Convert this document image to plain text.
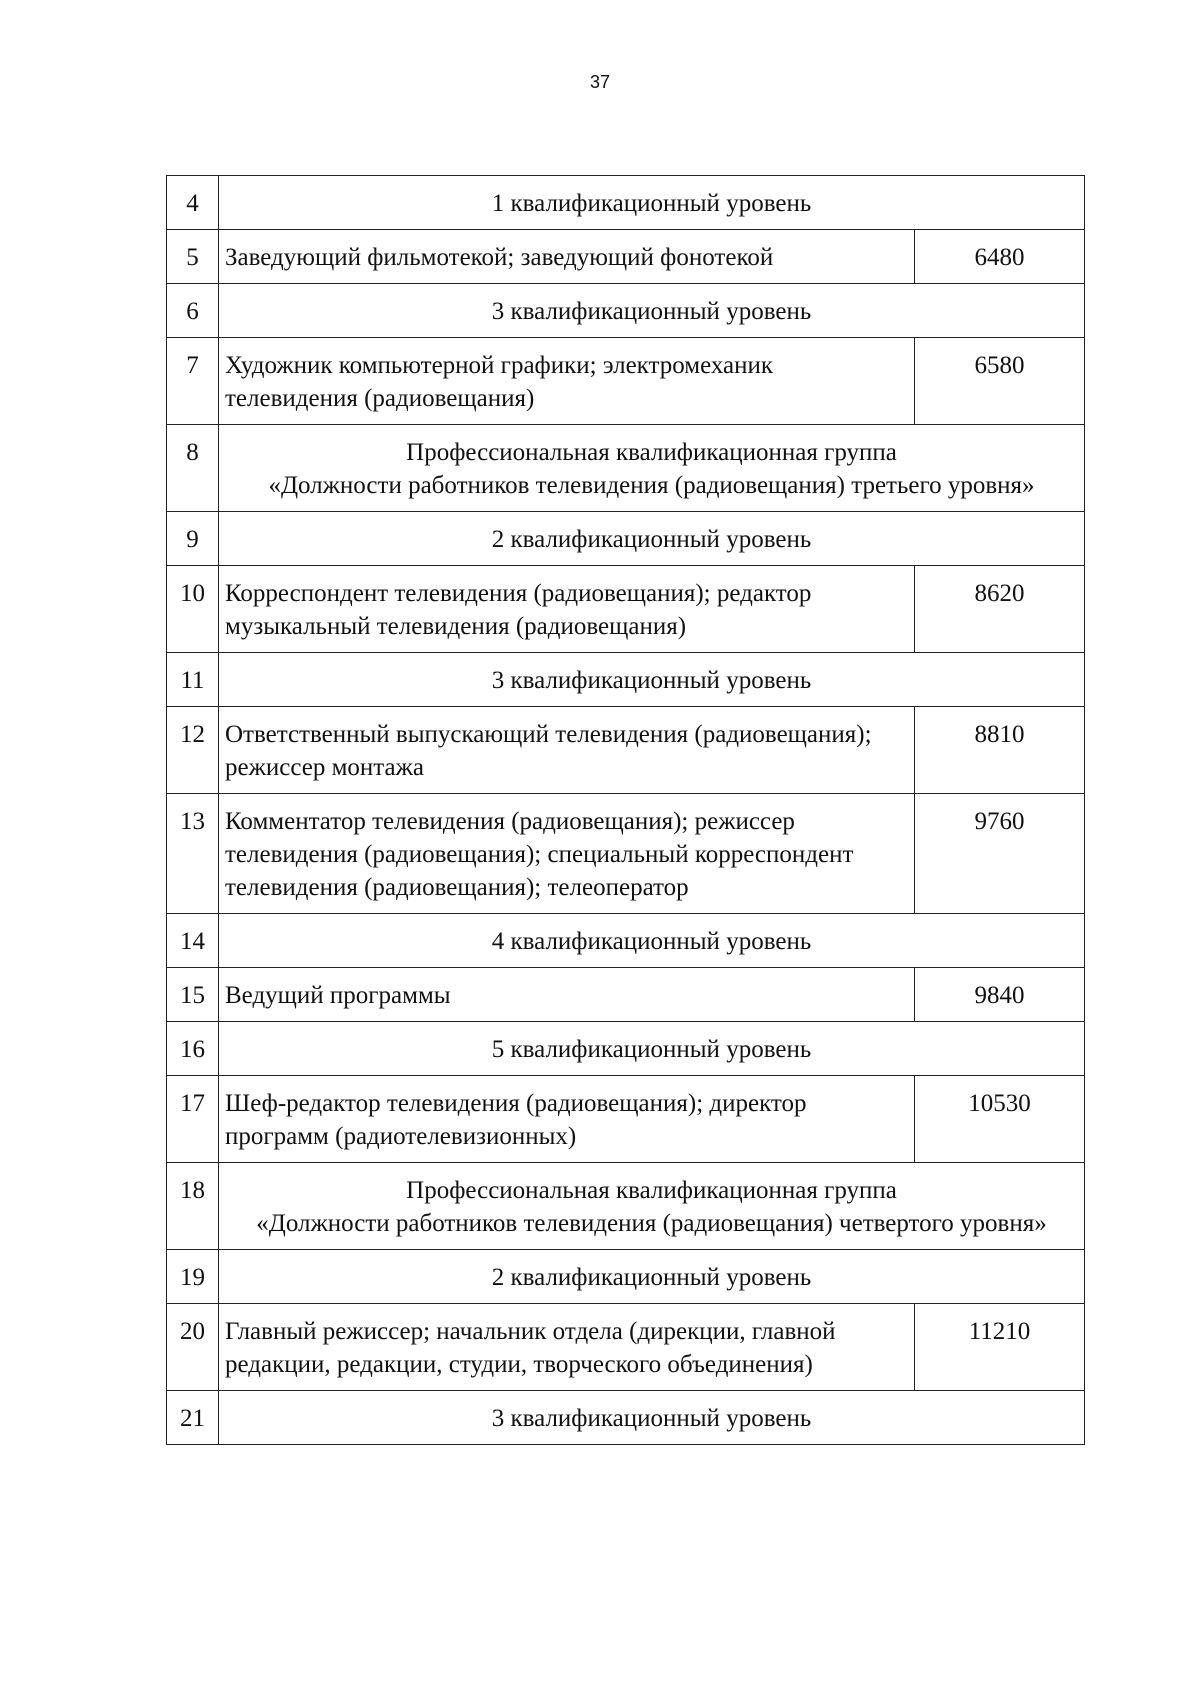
37
4	1 квалификационный уровень	

5	Заведующий фильмотекой; заведующий фонотекой	6480
6	3 квалификационный уровень	

7	Художник компьютерной графики; электромеханик телевидения (радиовещания)	6580
8	Профессиональная квалификационная группа
«Должности работников телевидения (радиовещания) третьего уровня»	

9	2 квалификационный уровень	

10	Корреспондент телевидения (радиовещания); редактор музыкальный телевидения (радиовещания)	8620
11	3 квалификационный уровень	

12	Ответственный выпускающий телевидения (радиовещания); режиссер монтажа	8810
13	Комментатор телевидения (радиовещания); режиссер телевидения (радиовещания); специальный корреспондент телевидения (радиовещания); телеоператор	9760
14	4 квалификационный уровень	

15	Ведущий программы	9840
16	5 квалификационный уровень	

17	Шеф-редактор телевидения (радиовещания); директор программ (радиотелевизионных)	10530
18	Профессиональная квалификационная группа
«Должности работников телевидения (радиовещания) четвертого уровня»	

19	2 квалификационный уровень	

20	Главный режиссер; начальник отдела (дирекции, главной редакции, редакции, студии, творческого объединения)	11210
21	3 квалификационный уровень	
